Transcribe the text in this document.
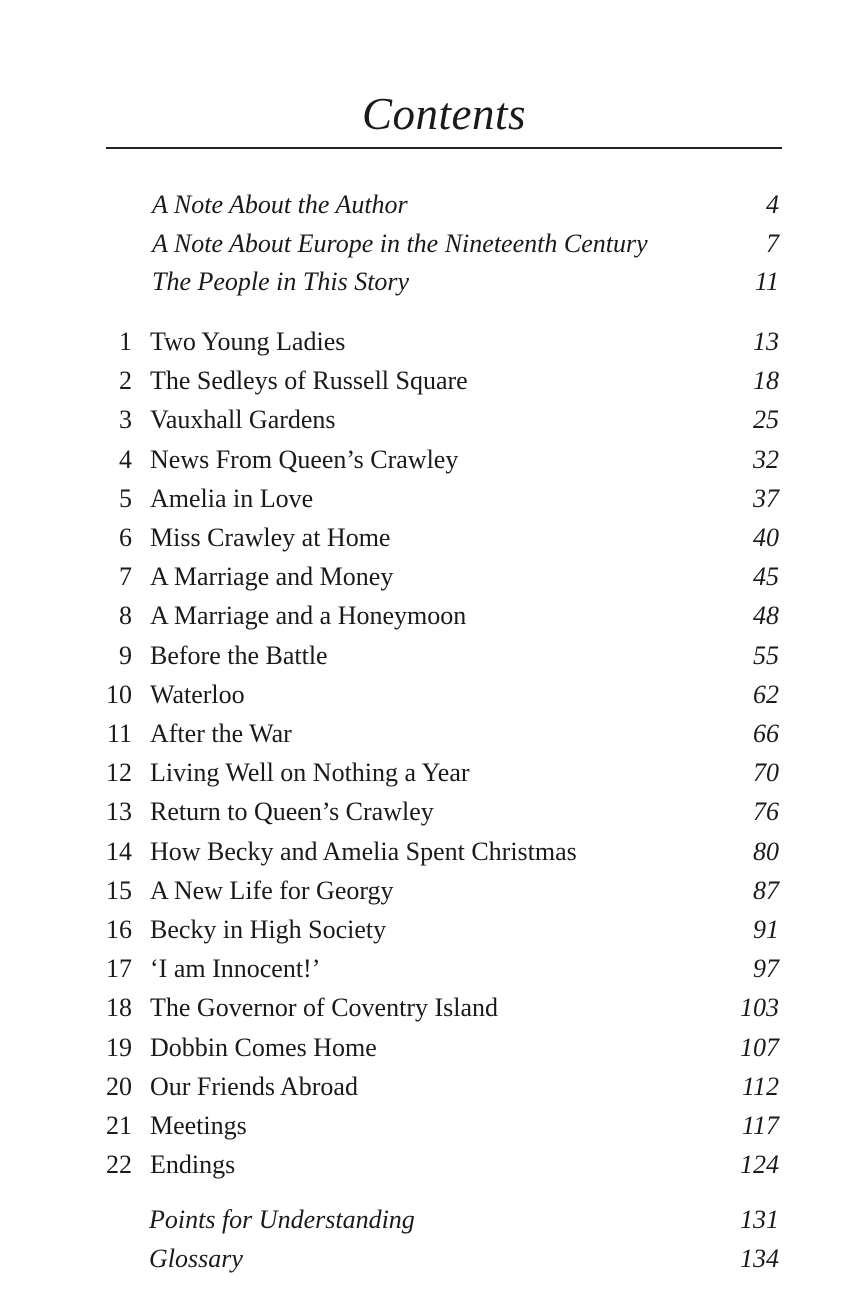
Contents
A Note About the Author	4
A Note About Europe in the Nineteenth Century	7
The People in This Story	11
1 Two Young Ladies	13
2 The Sedleys of Russell Square	18
3 Vauxhall Gardens	25
4 News From Queen’s Crawley	32
5 Amelia in Love	37
6 Miss Crawley at Home	40
7 A Marriage and Money	45
8 A Marriage and a Honeymoon	48
9 Before the Battle	55
10 Waterloo	62
11 After the War	66
12 Living Well on Nothing a Year	70
13 Return to Queen’s Crawley	76
14 How Becky and Amelia Spent Christmas	80
15 A New Life for Georgy	87
16 Becky in High Society	91
17 ‘I am Innocent!’	97
18 The Governor of Coventry Island	103
19 Dobbin Comes Home	107
20 Our Friends Abroad	112
21 Meetings	117
22 Endings	124
Points for Understanding	131
Glossary	134
